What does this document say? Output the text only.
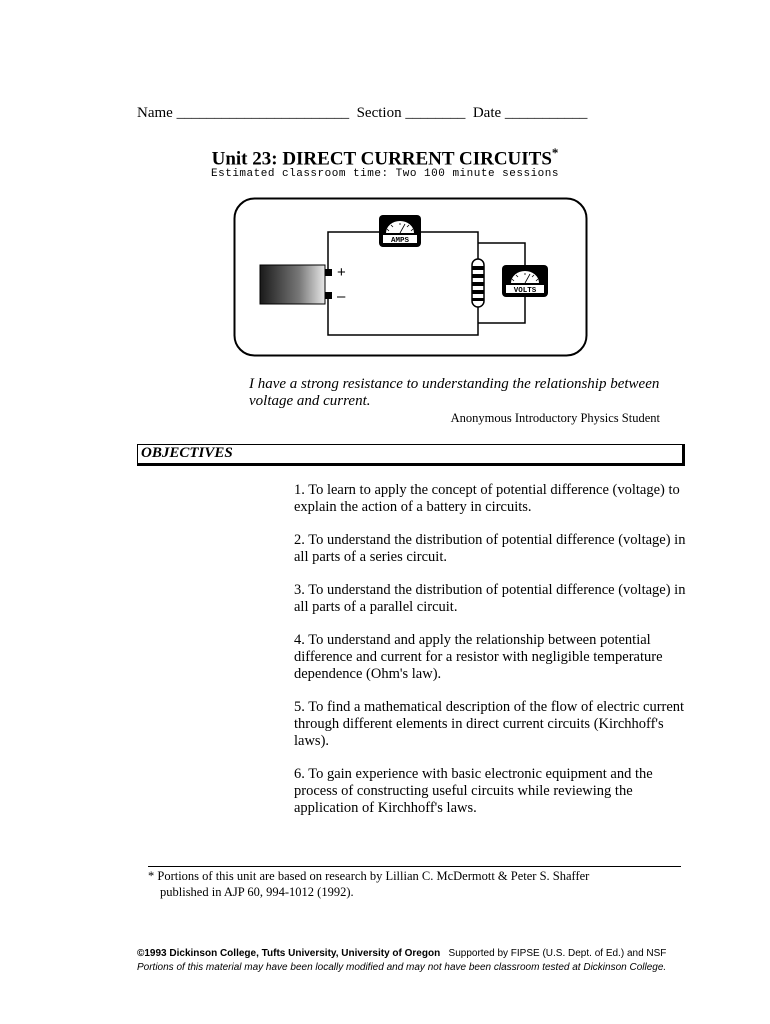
Name _______________________ Section ________ Date ___________
Unit 23: DIRECT CURRENT CIRCUITS*
Estimated classroom time: Two 100 minute sessions
+
–
AMPS
VOLTS
I have a strong resistance to understanding the relationship between voltage and current.
Anonymous Introductory Physics Student
OBJECTIVES

1. To learn to apply the concept of potential difference (voltage) to explain the action of a battery in circuits.

2. To understand the distribution of potential difference (voltage) in all parts of a series circuit.

3. To understand the distribution of potential difference (voltage) in all parts of a parallel circuit.

4. To understand and apply the relationship between potential difference and current for a resistor with negligible temperature dependence (Ohm's law).

5. To find a mathematical description of the flow of electric current through different elements in direct current circuits (Kirchhoff's laws).

6. To gain experience with basic electronic equipment and the process of constructing useful circuits while reviewing the application of Kirchhoff's laws.

* Portions of this unit are based on research by Lillian C. McDermott & Peter S. Shaffer
published in AJP 60, 994-1012 (1992).
©1993 Dickinson College, Tufts University, University of Oregon Supported by FIPSE (U.S. Dept. of Ed.) and NSF
Portions of this material may have been locally modified and may not have been classroom tested at Dickinson College.
